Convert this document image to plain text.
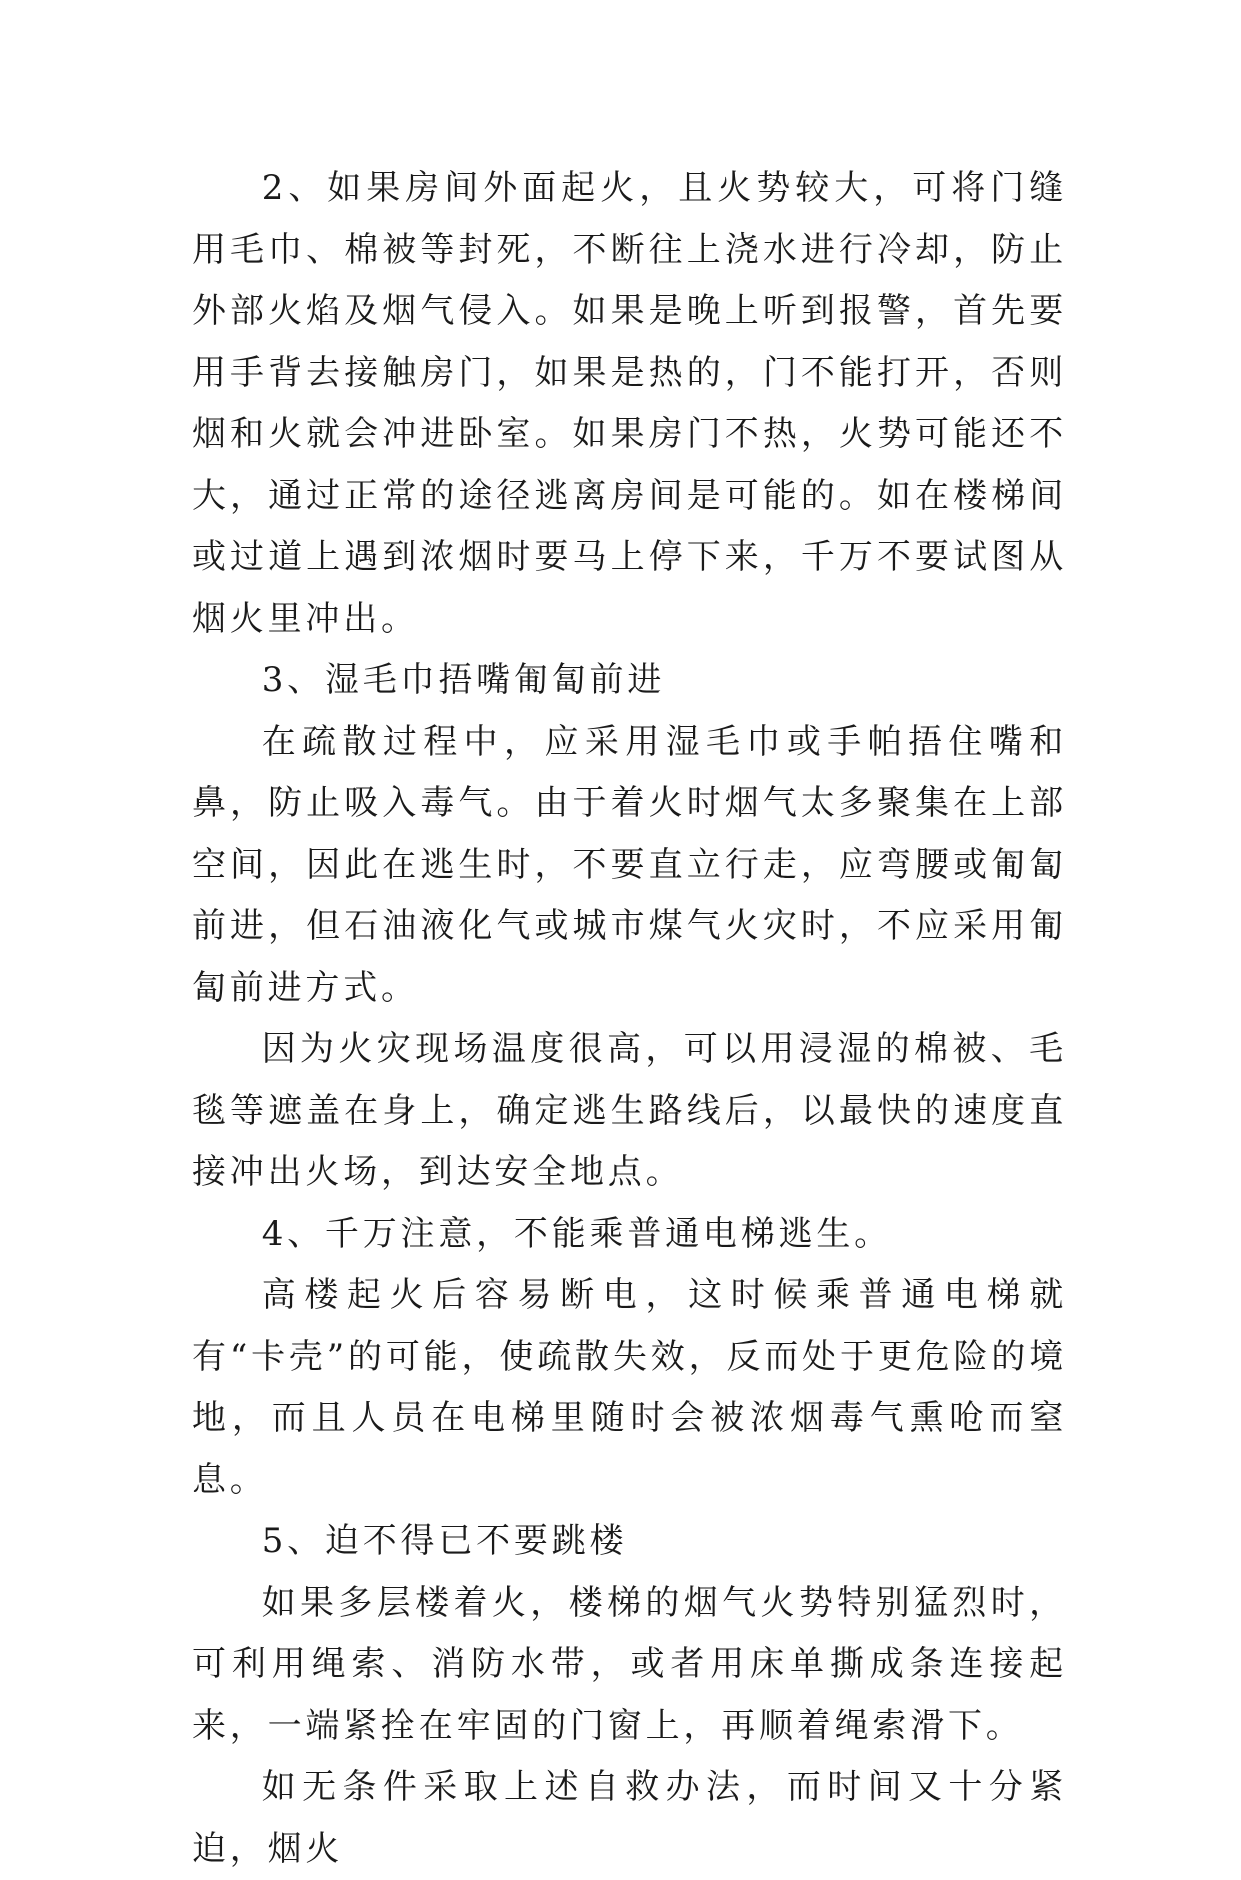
2、如果房间外面起火，且火势较大，可将门缝用毛巾、棉被等封死，不断往上浇水进行冷却，防止外部火焰及烟气侵入。如果是晚上听到报警，首先要用手背去接触房门，如果是热的，门不能打开，否则烟和火就会冲进卧室。如果房门不热，火势可能还不大，通过正常的途径逃离房间是可能的。如在楼梯间或过道上遇到浓烟时要马上停下来，千万不要试图从烟火里冲出。

3、湿毛巾捂嘴匍匐前进

在疏散过程中，应采用湿毛巾或手帕捂住嘴和鼻，防止吸入毒气。由于着火时烟气太多聚集在上部空间，因此在逃生时，不要直立行走，应弯腰或匍匐前进，但石油液化气或城市煤气火灾时，不应采用匍匐前进方式。

因为火灾现场温度很高，可以用浸湿的棉被、毛毯等遮盖在身上，确定逃生路线后，以最快的速度直接冲出火场，到达安全地点。

4、千万注意，不能乘普通电梯逃生。

高楼起火后容易断电，这时候乘普通电梯就有“卡壳”的可能，使疏散失效，反而处于更危险的境地，而且人员在电梯里随时会被浓烟毒气熏呛而窒息。

5、迫不得已不要跳楼

如果多层楼着火，楼梯的烟气火势特别猛烈时，可利用绳索、消防水带，或者用床单撕成条连接起来，一端紧拴在牢固的门窗上，再顺着绳索滑下。

如无条件采取上述自救办法，而时间又十分紧迫，烟火
